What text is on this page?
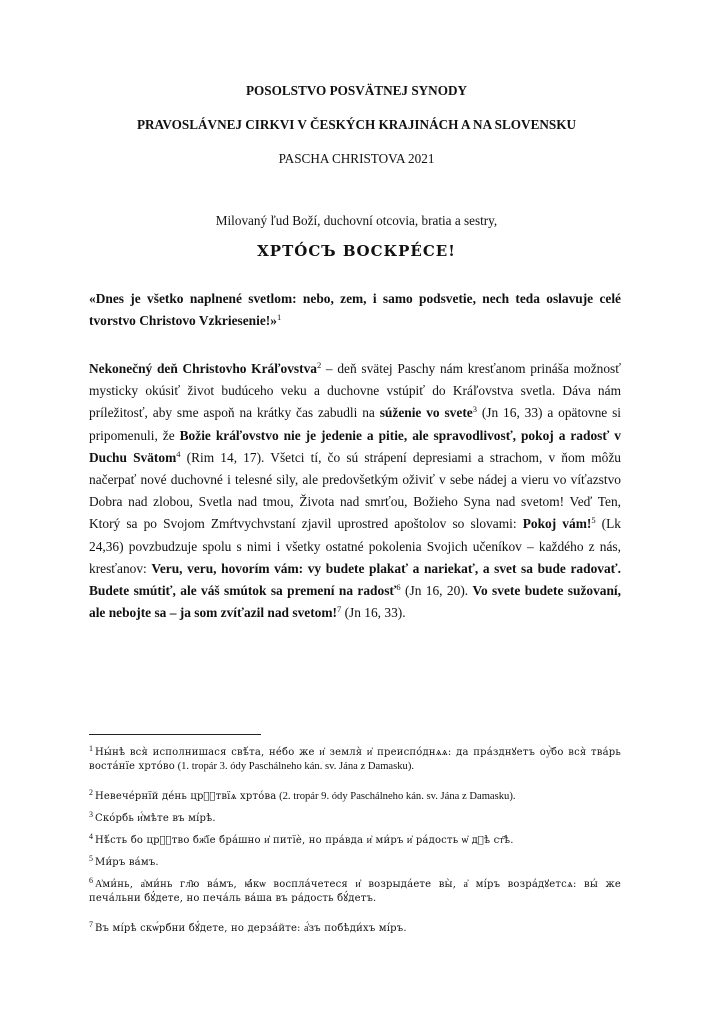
POSOLSTVO POSVÄTNEJ SYNODY
PRAVOSLÁVNEJ CIRKVI V ČESKÝCH KRAJINÁCH A NA SLOVENSKU
PASCHA CHRISTOVA 2021
Milovaný ľud Boží, duchovní otcovia, bratia a sestry,
ХРТО́СЪ ВОСКРЕ́СЕ!

«Dnes je všetko naplnené svetlom: nebo, zem, i samo podsvetie, nech teda oslavuje celé tvorstvo Christovo Vzkriesenie!»$^1$

Nekonečný deň Christovho Kráľovstva$^2$ – deň svätej Paschy nám kresťanom prináša možnosť mysticky okúsiť život budúceho veku a duchovne vstúpiť do Kráľovstva svetla. Dáva nám príležitosť, aby sme aspoň na krátky čas zabudli na súženie vo svete$^3$ (Jn 16, 33) a opätovne si pripomenuli, že Božie kráľovstvo nie je jedenie a pitie, ale spravodlivosť, pokoj a radosť v Duchu Svätom$^4$ (Rim 14, 17). Všetci tí, čo sú strápení depresiami a strachom, v ňom môžu načerpať nové duchovné i telesné sily, ale predovšetkým oživiť v sebe nádej a vieru vo víťazstvo Dobra nad zlobou, Svetla nad tmou, Života nad smrťou, Božieho Syna nad svetom! Veď Ten, Ktorý sa po Svojom Zmŕtvychvstaní zjavil uprostred apoštolov so slovami: Pokoj vám!$^5$ (Lk 24,36) povzbudzuje spolu s nimi i všetky ostatné pokolenia Svojich učeníkov – každého z nás, kresťanov: Veru, veru, hovorím vám: vy budete plakať a nariekať, a svet sa bude radovať. Budete smútiť, ale váš smútok sa premení na radosť$^6$ (Jn 16, 20). Vo svete budete sužovaní, ale nebojte sa – ja som zvíťazil nad svetom!$^7$ (Jn 16, 33).

$^1$ Ны́нѣ вся̀ исполнишася свѣ́та, не́бо же и҆ земля̀ и҆ преиспо́днѧѧ: да пра́зднꙋетъ оу҆̀бо вся̀ тва́рь воста́нїе хрто́во (1. tropár 3. ódy Paschálneho kán. sv. Jána z Damasku).
$^2$ Невече́рнїй де́нь црⷭ҇твїѧ хрто́ва (2. tropár 9. ódy Paschálneho kán. sv. Jána z Damasku).
$^3$ Ско́рбь и҆́мѣте въ мі́рѣ.
$^4$ Нѣ́сть бо црⷭ҇тво бж҃їе бра́шно и҆ питїѐ, но пра́вда и҆ ми́ръ и҆ ра́дость ѡ҆ дⷯѣ ст҃ѣ.
$^5$ Ми́ръ ва́мъ.
$^6$ А҆ми́нь, а҆ми́нь гл҃ю ва́мъ, ꙗ҆́кѡ воспла́четеся и҆ возрыда́ете вы̀, а҆ мі́ръ возра́дꙋетсѧ: вы́ же печа́льни бꙋ́дете, но печа́ль ва́ша въ ра́дость бꙋ́детъ.
$^7$ Въ мі́рѣ скѡ́рбни бꙋ́дете, но дерза́йте: а҆́зъ побѣди́хъ мі́ръ.
